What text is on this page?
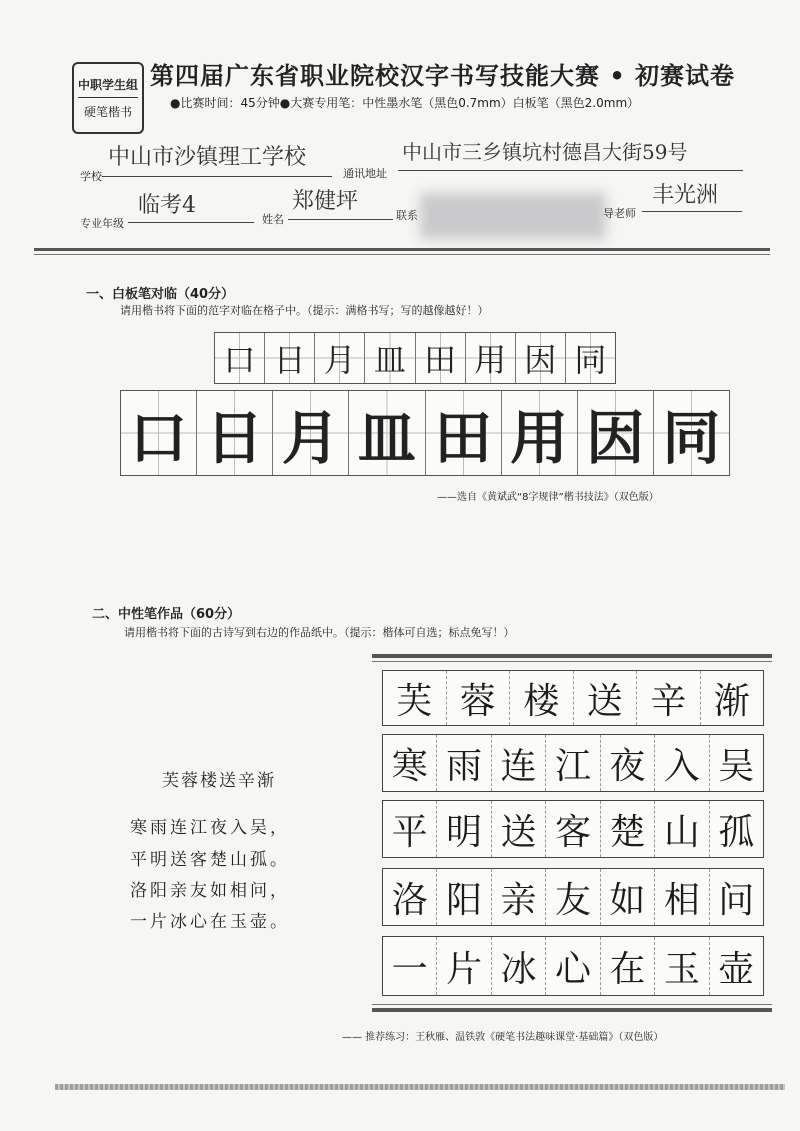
中职学生组
硬笔楷书
第四届广东省职业院校汉字书写技能大赛 • 初赛试卷
●比赛时间：45分钟●大赛专用笔：中性墨水笔（黑色0.7mm）白板笔（黑色2.0mm）
学校
中山市沙镇理工学校
通讯地址
中山市三乡镇坑村德昌大街59号
专业年级
临考4
姓名
郑健坪
联系	导老师
丰光洲
一、白板笔对临（40分）
请用楷书将下面的范字对临在格子中。（提示：满格书写；写的越像越好！）
口 日 月 皿 田 用 因 同
口 日 月 皿 田 用 因 同
——选自《黄斌武“8字规律”楷书技法》（双色版）
二、中性笔作品（60分）
请用楷书将下面的古诗写到右边的作品纸中。（提示：楷体可自选；标点免写！）
芙蓉楼送辛渐
寒雨连江夜入吴，
平明送客楚山孤。
洛阳亲友如相问，
一片冰心在玉壶。
芙 蓉 楼 送 辛 渐
寒 雨 连 江 夜 入 吴
平 明 送 客 楚 山 孤
洛 阳 亲 友 如 相 问
一 片 冰 心 在 玉 壶
—— 推荐练习：王秋雁、温铁敦《硬笔书法趣味课堂·基础篇》（双色版）
